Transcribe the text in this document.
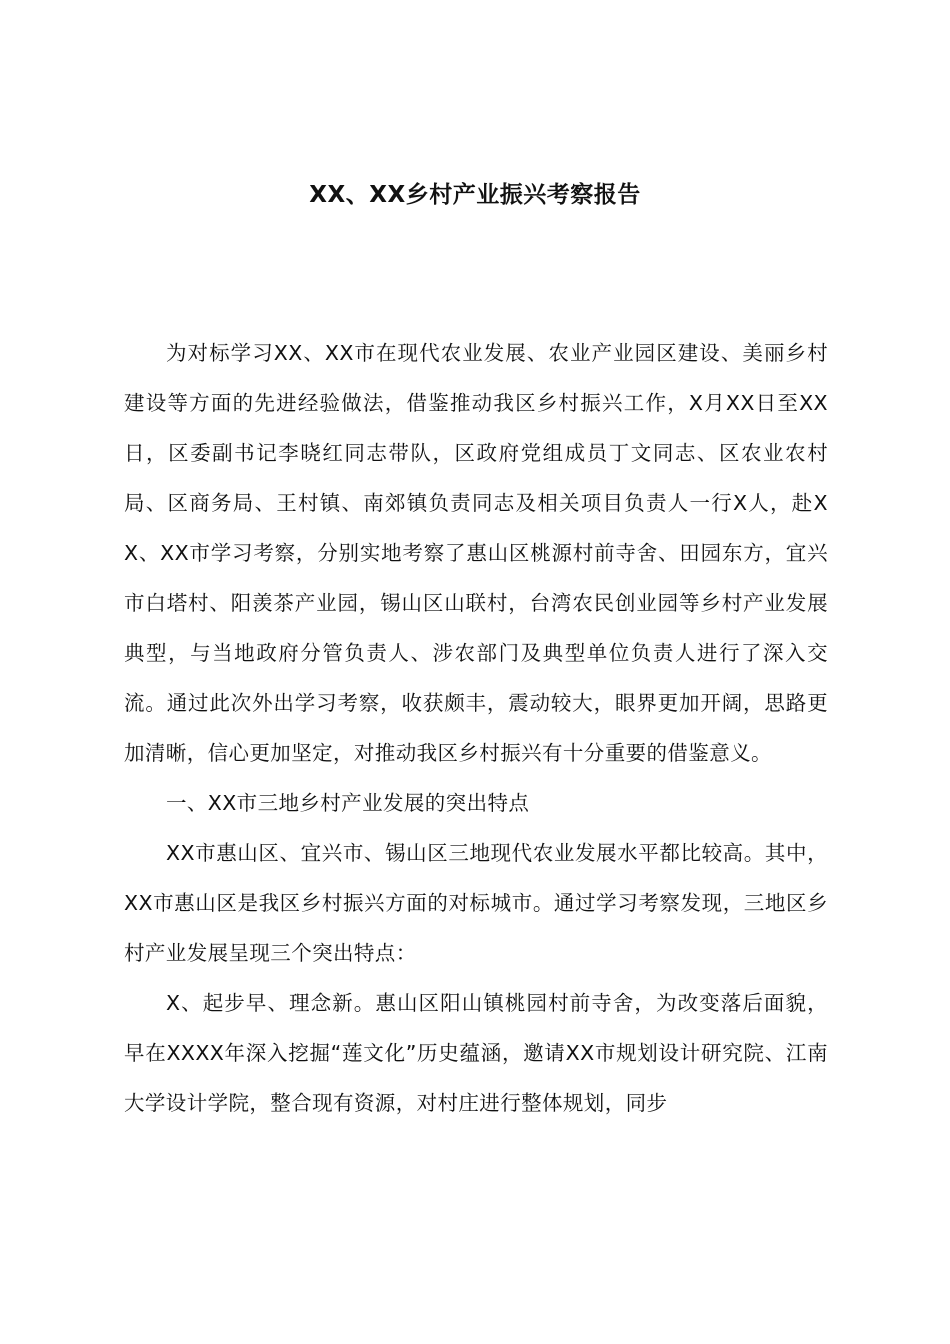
XX、XX乡村产业振兴考察报告

为对标学习XX、XX市在现代农业发展、农业产业园区建设、美丽乡村建设等方面的先进经验做法，借鉴推动我区乡村振兴工作，X月XX日至XX日，区委副书记李晓红同志带队，区政府党组成员丁文同志、区农业农村局、区商务局、王村镇、南郊镇负责同志及相关项目负责人一行X人，赴XX、XX市学习考察，分别实地考察了惠山区桃源村前寺舍、田园东方，宜兴市白塔村、阳羡茶产业园，锡山区山联村，台湾农民创业园等乡村产业发展典型，与当地政府分管负责人、涉农部门及典型单位负责人进行了深入交流。通过此次外出学习考察，收获颇丰，震动较大，眼界更加开阔，思路更加清晰，信心更加坚定，对推动我区乡村振兴有十分重要的借鉴意义。

一、XX市三地乡村产业发展的突出特点

XX市惠山区、宜兴市、锡山区三地现代农业发展水平都比较高。其中，XX市惠山区是我区乡村振兴方面的对标城市。通过学习考察发现，三地区乡村产业发展呈现三个突出特点：

X、起步早、理念新。惠山区阳山镇桃园村前寺舍，为改变落后面貌，早在XXXX年深入挖掘“莲文化”历史蕴涵，邀请XX市规划设计研究院、江南大学设计学院，整合现有资源，对村庄进行整体规划，同步
